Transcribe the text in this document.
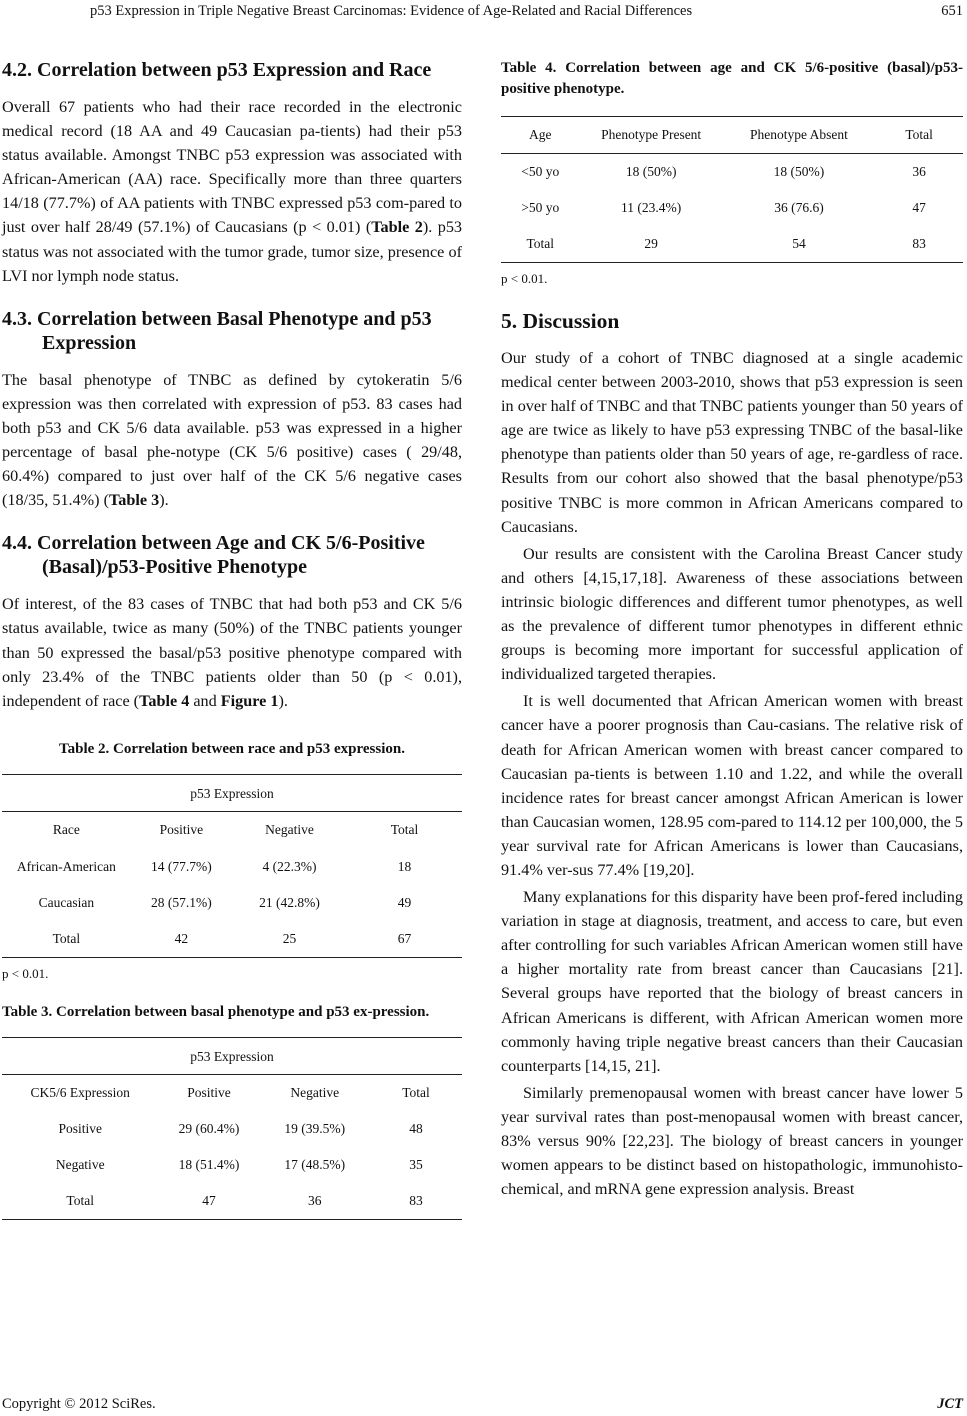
p53 Expression in Triple Negative Breast Carcinomas: Evidence of Age-Related and Racial Differences	651
4.2. Correlation between p53 Expression and Race

Overall 67 patients who had their race recorded in the electronic medical record (18 AA and 49 Caucasian pa-tients) had their p53 status available. Amongst TNBC p53 expression was associated with African-American (AA) race. Specifically more than three quarters 14/18 (77.7%) of AA patients with TNBC expressed p53 com-pared to just over half 28/49 (57.1%) of Caucasians (p < 0.01) (Table 2). p53 status was not associated with the tumor grade, tumor size, presence of LVI nor lymph node status.

4.3. Correlation between Basal Phenotype and p53 Expression

The basal phenotype of TNBC as defined by cytokeratin 5/6 expression was then correlated with expression of p53. 83 cases had both p53 and CK 5/6 data available. p53 was expressed in a higher percentage of basal phe-notype (CK 5/6 positive) cases ( 29/48, 60.4%) compared to just over half of the CK 5/6 negative cases (18/35, 51.4%) (Table 3).

4.4. Correlation between Age and CK 5/6-Positive (Basal)/p53-Positive Phenotype

Of interest, of the 83 cases of TNBC that had both p53 and CK 5/6 status available, twice as many (50%) of the TNBC patients younger than 50 expressed the basal/p53 positive phenotype compared with only 23.4% of the TNBC patients older than 50 (p < 0.01), independent of race (Table 4 and Figure 1).

Table 2. Correlation between race and p53 expression.

p53 Expression
Race	Positive	Negative	Total
African-American	14 (77.7%)	4 (22.3%)	18
Caucasian	28 (57.1%)	21 (42.8%)	49
Total	42	25	67

p < 0.01.

Table 3. Correlation between basal phenotype and p53 ex-pression.

p53 Expression
CK5/6 Expression	Positive	Negative	Total
Positive	29 (60.4%)	19 (39.5%)	48
Negative	18 (51.4%)	17 (48.5%)	35
Total	47	36	83

Table 4. Correlation between age and CK 5/6-positive (basal)/p53-positive phenotype.

Age	Phenotype Present	Phenotype Absent	Total
<50 yo	18 (50%)	18 (50%)	36
>50 yo	11 (23.4%)	36 (76.6)	47
Total	29	54	83

p < 0.01.

5. Discussion

Our study of a cohort of TNBC diagnosed at a single academic medical center between 2003-2010, shows that p53 expression is seen in over half of TNBC and that TNBC patients younger than 50 years of age are twice as likely to have p53 expressing TNBC of the basal-like phenotype than patients older than 50 years of age, re-gardless of race. Results from our cohort also showed that the basal phenotype/p53 positive TNBC is more common in African Americans compared to Caucasians.

Our results are consistent with the Carolina Breast Cancer study and others [4,15,17,18]. Awareness of these associations between intrinsic biologic differences and different tumor phenotypes, as well as the prevalence of different tumor phenotypes in different ethnic groups is becoming more important for successful application of individualized targeted therapies.

It is well documented that African American women with breast cancer have a poorer prognosis than Cau-casians. The relative risk of death for African American women with breast cancer compared to Caucasian pa-tients is between 1.10 and 1.22, and while the overall incidence rates for breast cancer amongst African American is lower than Caucasian women, 128.95 com-pared to 114.12 per 100,000, the 5 year survival rate for African Americans is lower than Caucasians, 91.4% ver-sus 77.4% [19,20].

Many explanations for this disparity have been prof-fered including variation in stage at diagnosis, treatment, and access to care, but even after controlling for such variables African American women still have a higher mortality rate from breast cancer than Caucasians [21]. Several groups have reported that the biology of breast cancers in African Americans is different, with African American women more commonly having triple negative breast cancers than their Caucasian counterparts [14,15, 21].

Similarly premenopausal women with breast cancer have lower 5 year survival rates than post-menopausal women with breast cancer, 83% versus 90% [22,23]. The biology of breast cancers in younger women appears to be distinct based on histopathologic, immunohisto-chemical, and mRNA gene expression analysis. Breast

Copyright © 2012 SciRes.	JCT
